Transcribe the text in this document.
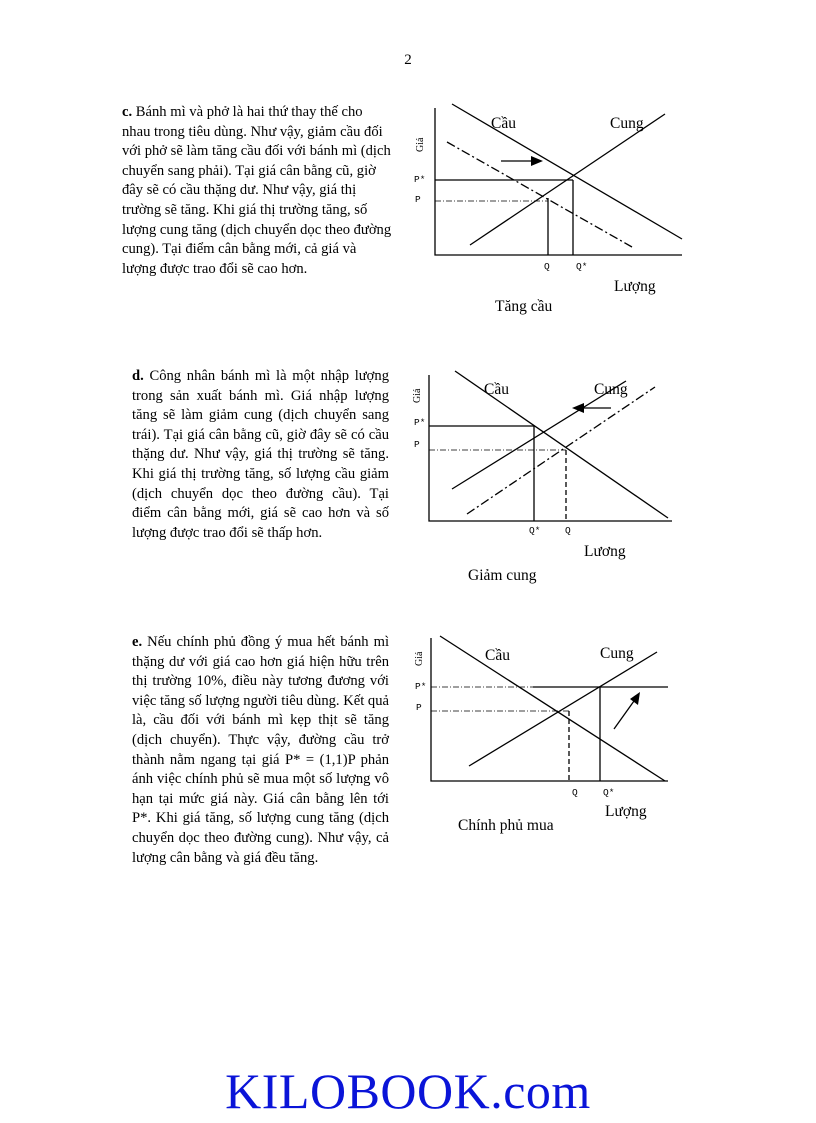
2

c. Bánh mì và phở là hai thứ thay thế cho nhau trong tiêu dùng. Như vậy, giảm cầu đối với phở sẽ làm tăng cầu đối với bánh mì (dịch chuyển sang phải). Tại giá cân bằng cũ, giờ đây sẽ có cầu thặng dư. Như vậy, giá thị trường sẽ tăng. Khi giá thị trường tăng, số lượng cung tăng (dịch chuyển dọc theo đường cung). Tại điểm cân bằng mới, cả giá và lượng được trao đổi sẽ cao hơn.

d. Công nhân bánh mì là một nhập lượng trong sản xuất bánh mì. Giá nhập lượng tăng sẽ làm giảm cung (dịch chuyển sang trái). Tại giá cân bằng cũ, giờ đây sẽ có cầu thặng dư. Như vậy, giá thị trường sẽ tăng. Khi giá thị trường tăng, số lượng cầu giảm (dịch chuyển dọc theo đường cầu). Tại điểm cân bằng mới, giá sẽ cao hơn và số lượng được trao đổi sẽ thấp hơn.

e. Nếu chính phủ đồng ý mua hết bánh mì thặng dư với giá cao hơn giá hiện hữu trên thị trường 10%, điều này tương đương với việc tăng số lượng người tiêu dùng. Kết quả là, cầu đối với bánh mì kẹp thịt sẽ tăng (dịch chuyển). Thực vậy, đường cầu trở thành nằm ngang tại giá P* = (1,1)P phản ánh việc chính phủ sẽ mua một số lượng vô hạn tại mức giá này. Giá cân bằng lên tới P*. Khi giá tăng, số lượng cung tăng (dịch chuyển dọc theo đường cung). Như vậy, cả lượng cân bằng và giá đều tăng.

Giá
Cầu	Cung
P*
P
Q	Q*
Lượng
Tăng cầu
Giá	Cầu	Cung
P*
P
Q*	Q
Lương
Giảm cung
Giá	Cầu	Cung
P*
P
Q	Q*
Lượng
Chính phủ mua
KILOBOOK.com
